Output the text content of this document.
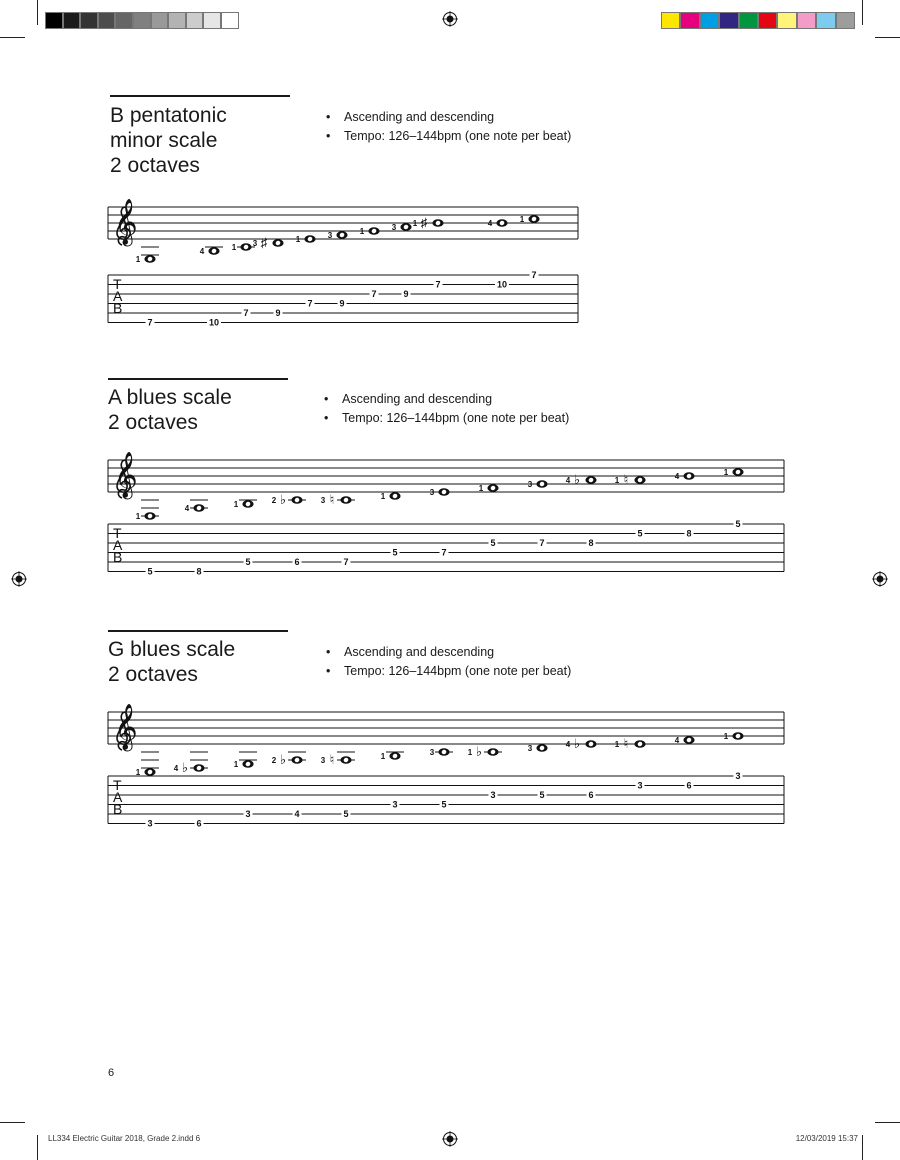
B pentatonic
minor scale
2 octaves
• Ascending and descending
• Tempo: 126–144bpm (one note per beat)
𝄞
T
A
B
1
7
4
10
1
7
♯
3
9
1
7
3
9
1
7
3
9
♯
1
7
4
10
1
7
A blues scale
2 octaves
• Ascending and descending
• Tempo: 126–144bpm (one note per beat)
𝄞
T
A
B
1
5
4
8
1
5
♭
2
6
♮
3
7
1
5
3
7
1
5
3
7
♭
4
8
♮
1
5
4
8
1
5
G blues scale
2 octaves
• Ascending and descending
• Tempo: 126–144bpm (one note per beat)
𝄞
T
A
B
1
3
♭
4
6
1
3
♭
2
4
♮
3
5
1
3
3
5
♭
1
3
3
5
♭
4
6
♮
1
3
4
6
1
3
6
LL334 Electric Guitar 2018, Grade 2.indd 6	12/03/2019 15:37
